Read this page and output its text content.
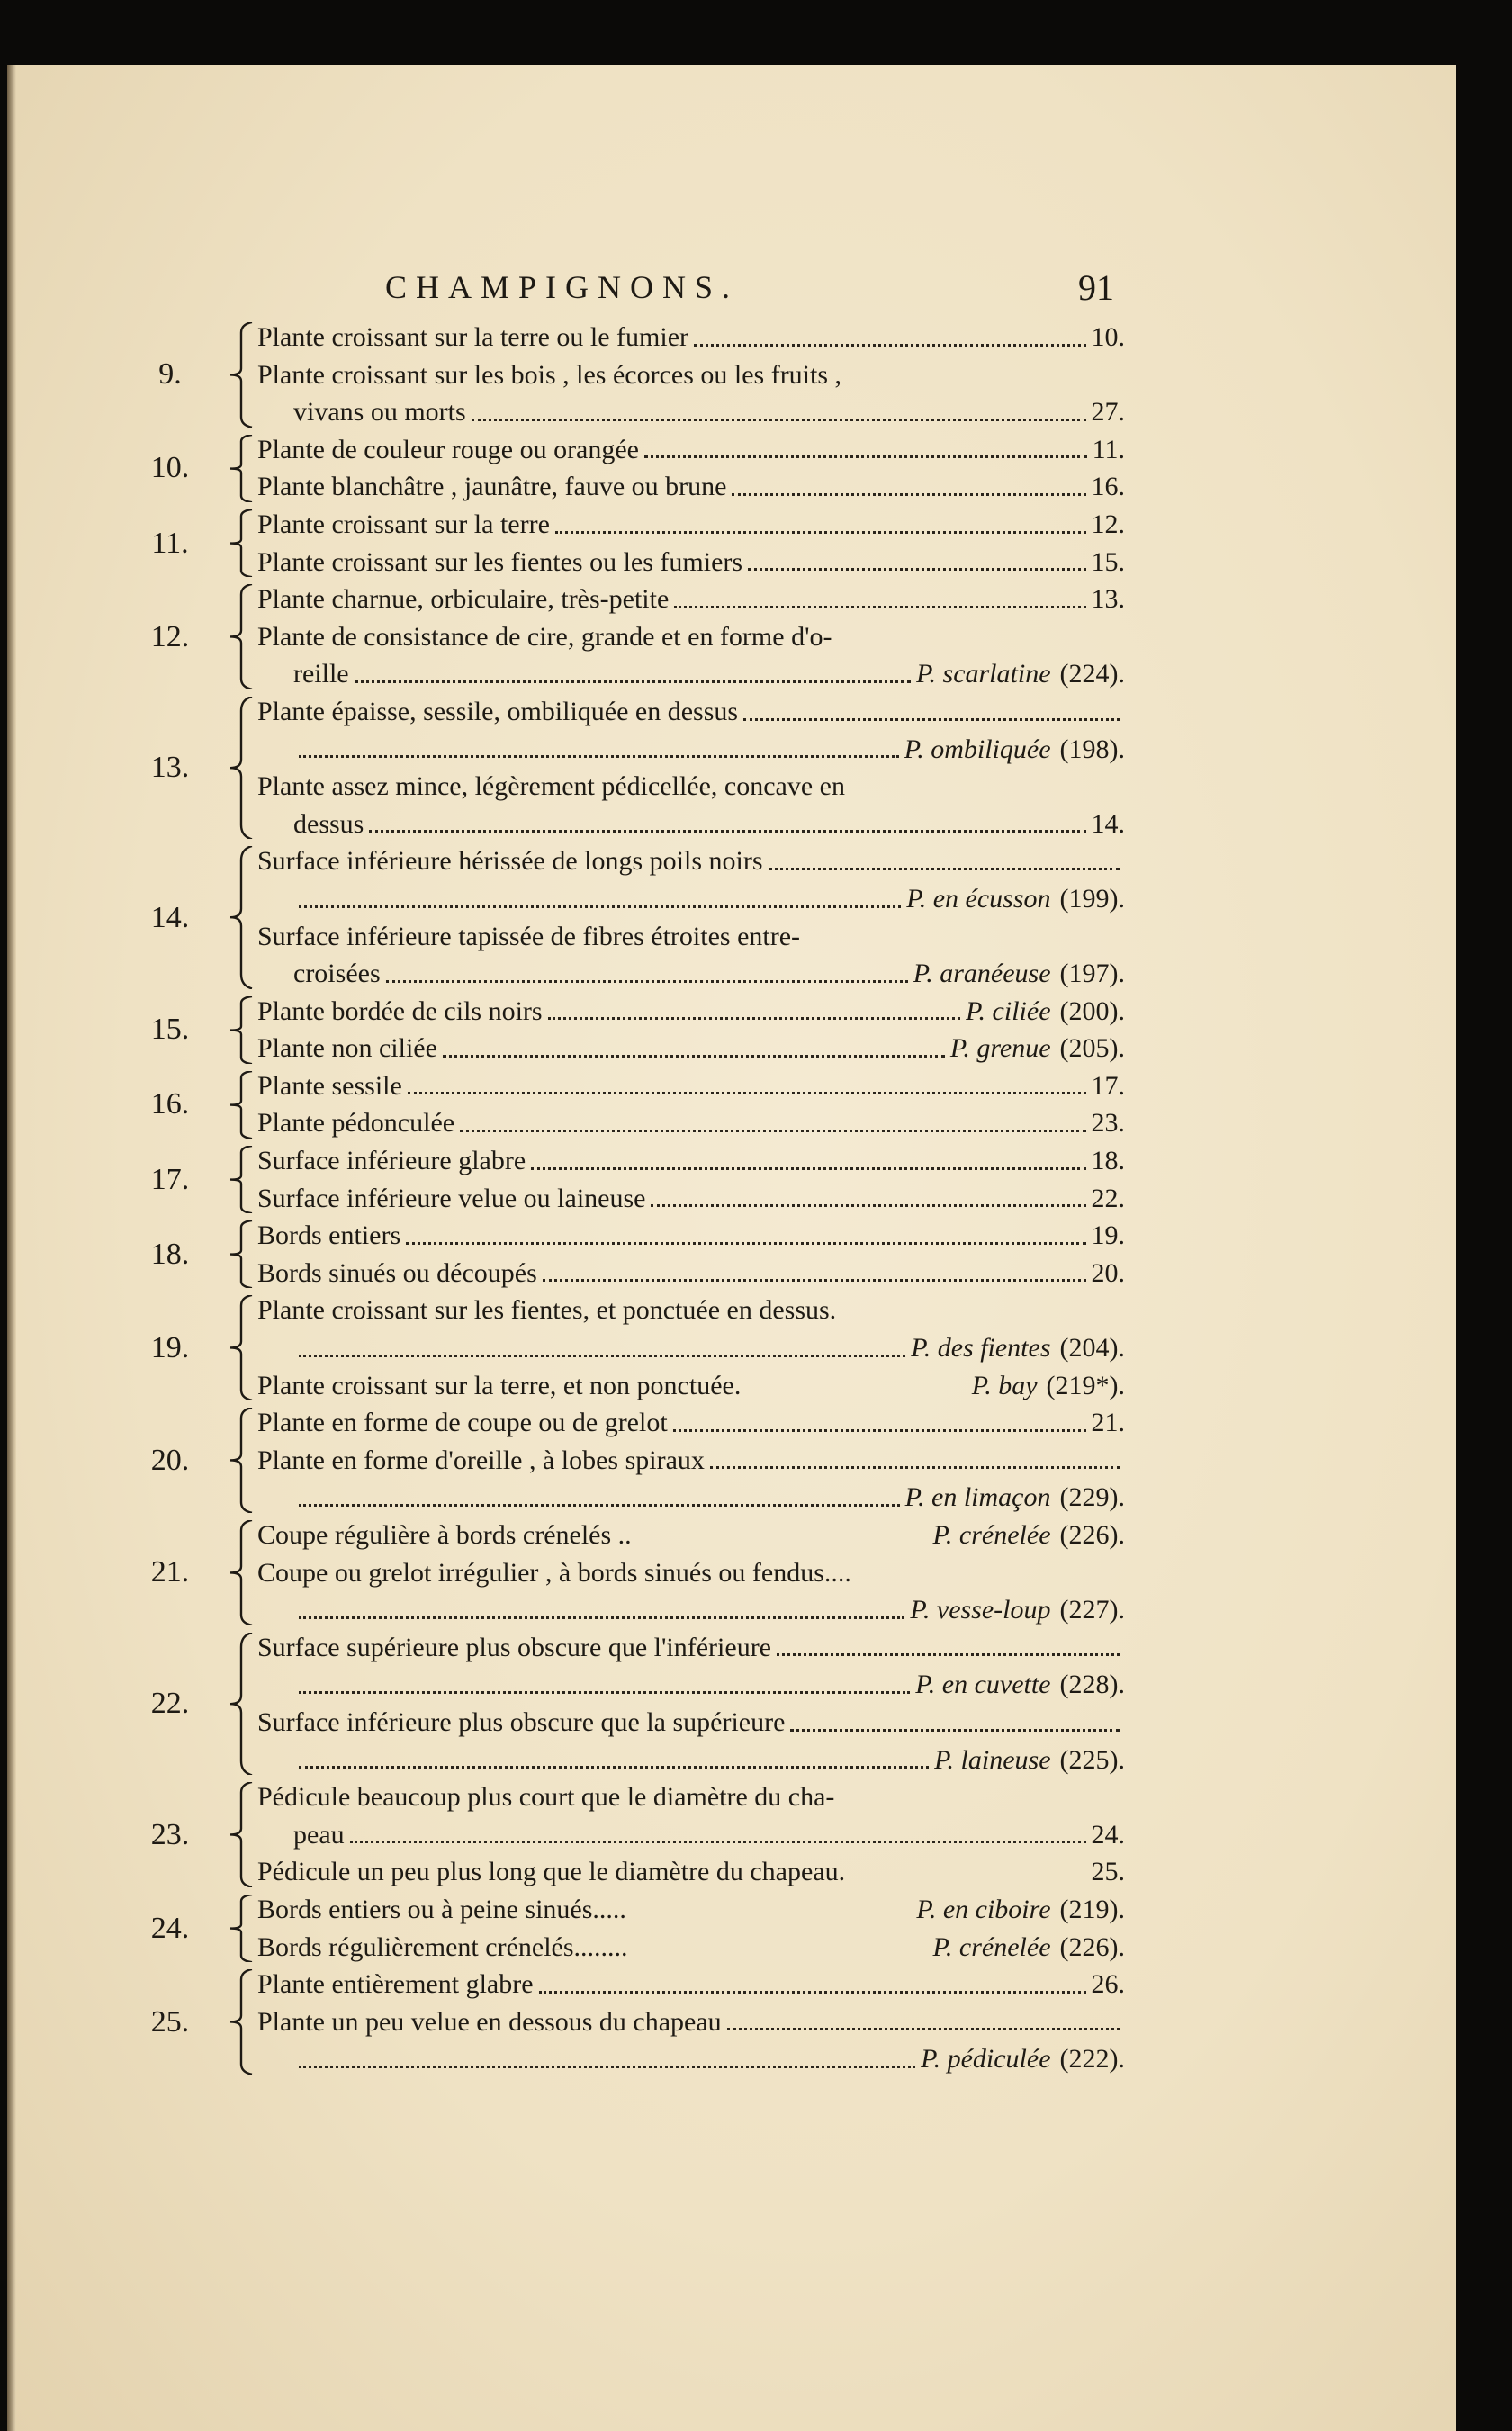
CHAMPIGNONS.	91
9.
Plante croissant sur la terre ou le fumier	10.
Plante croissant sur les bois , les écorces ou les fruits ,
vivans ou morts	27.
10.
Plante de couleur rouge ou orangée	11.
Plante blanchâtre , jaunâtre, fauve ou brune	16.
11.
Plante croissant sur la terre	12.
Plante croissant sur les fientes ou les fumiers	15.
12.
Plante charnue, orbiculaire, très-petite	13.
Plante de consistance de cire, grande et en forme d'o-
reille	P. scarlatine (224).
13.
Plante épaisse, sessile, ombiliquée en dessus
P. ombiliquée (198).
Plante assez mince, légèrement pédicellée, concave en
dessus	14.
14.
Surface inférieure hérissée de longs poils noirs
P. en écusson (199).
Surface inférieure tapissée de fibres étroites entre-
croisées	P. aranéeuse (197).
15.
Plante bordée de cils noirs	P. ciliée (200).
Plante non ciliée	P. grenue (205).
16.
Plante sessile	17.
Plante pédonculée	23.
17.
Surface inférieure glabre	18.
Surface inférieure velue ou laineuse	22.
18.
Bords entiers	19.
Bords sinués ou découpés	20.
19.
Plante croissant sur les fientes, et ponctuée en dessus.
P. des fientes (204).
Plante croissant sur la terre, et non ponctuée.	P. bay (219*).
20.
Plante en forme de coupe ou de grelot	21.
Plante en forme d'oreille , à lobes spiraux
P. en limaçon (229).
21.
Coupe régulière à bords crénelés ..	P. crénelée (226).
Coupe ou grelot irrégulier , à bords sinués ou fendus....
P. vesse-loup (227).
22.
Surface supérieure plus obscure que l'inférieure
P. en cuvette (228).
Surface inférieure plus obscure que la supérieure
P. laineuse (225).
23.
Pédicule beaucoup plus court que le diamètre du cha-
peau	24.
Pédicule un peu plus long que le diamètre du chapeau.	25.
24.
Bords entiers ou à peine sinués.....	P. en ciboire (219).
Bords régulièrement crénelés........	P. crénelée (226).
25.
Plante entièrement glabre	26.
Plante un peu velue en dessous du chapeau
P. pédiculée (222).
